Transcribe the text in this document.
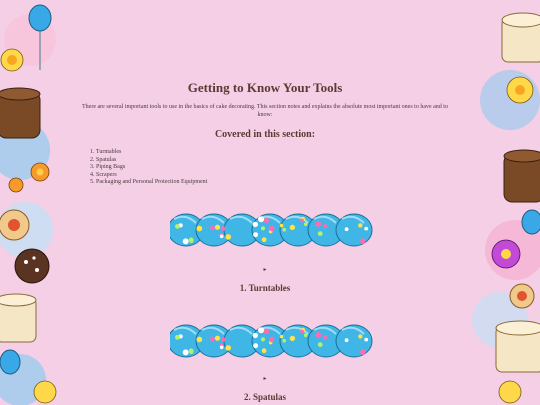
Getting to Know Your Tools
There are several important tools to use in the basics of cake decorating. This section notes and explains the absolute most important ones to have and to know:
Covered in this section:
1. Turntables
2. Spatulas
3. Piping Bags
4. Scrapers
5. Packaging and Personal Protection Equipment
▸
1. Turntables
▸
2. Spatulas
